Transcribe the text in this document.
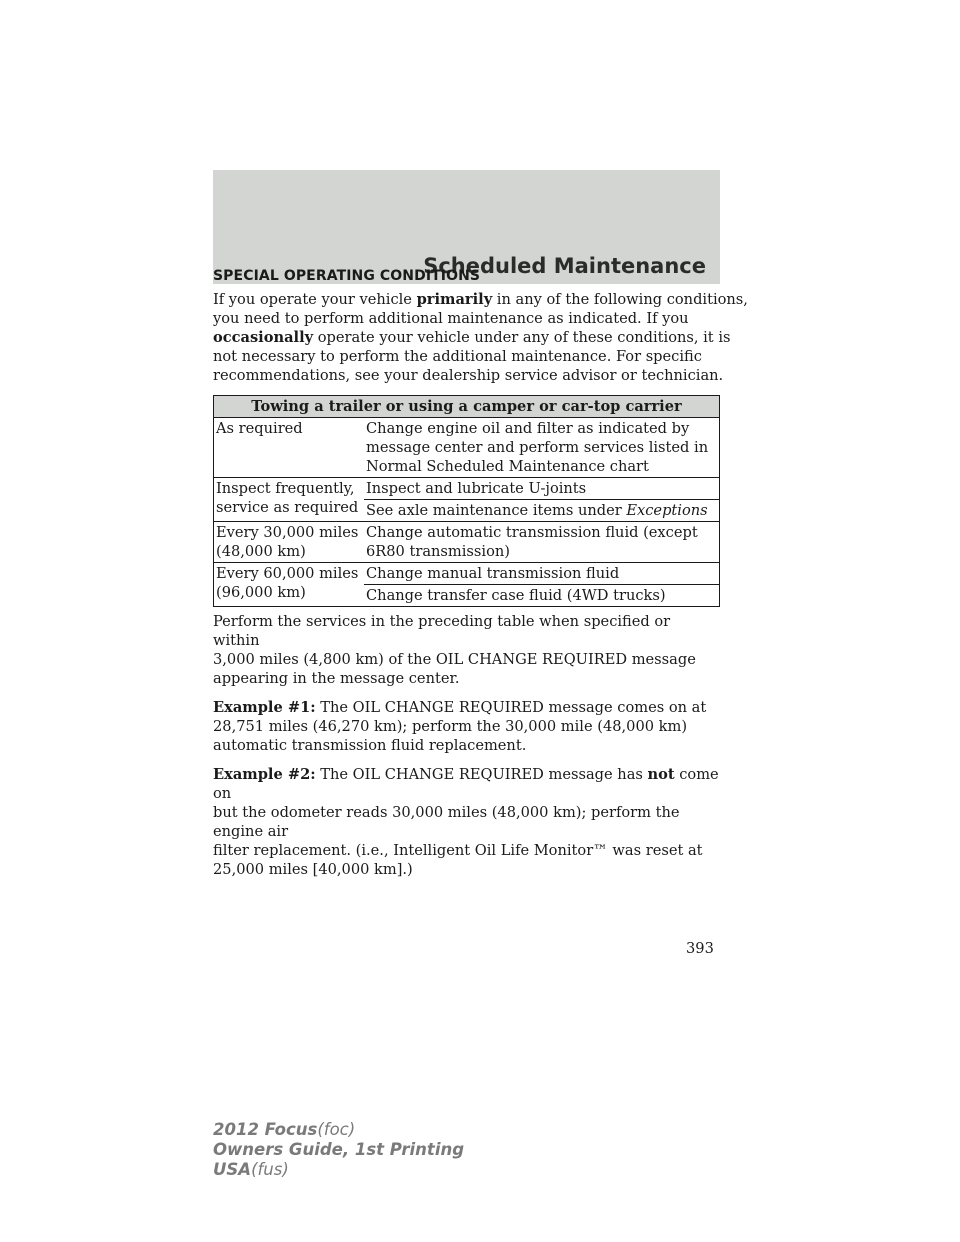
Scheduled Maintenance
SPECIAL OPERATING CONDITIONS
If you operate your vehicle primarily in any of the following conditions,
you need to perform additional maintenance as indicated. If you
occasionally operate your vehicle under any of these conditions, it is
not necessary to perform the additional maintenance. For specific
recommendations, see your dealership service advisor or technician.
Towing a trailer or using a camper or car-top carrier	
As required	Change engine oil and filter as indicated by
message center and perform services listed in
Normal Scheduled Maintenance chart

Inspect frequently,
service as required	Inspect and lubricate U-joints
	See axle maintenance items under Exceptions

Every 30,000 miles
(48,000 km)	Change automatic transmission fluid (except
6R80 transmission)

Every 60,000 miles
(96,000 km)	Change manual transmission fluid
	Change transfer case fluid (4WD trucks)
Perform the services in the preceding table when specified or within
3,000 miles (4,800 km) of the OIL CHANGE REQUIRED message
appearing in the message center.
Example #1: The OIL CHANGE REQUIRED message comes on at
28,751 miles (46,270 km); perform the 30,000 mile (48,000 km)
automatic transmission fluid replacement.
Example #2: The OIL CHANGE REQUIRED message has not come on
but the odometer reads 30,000 miles (48,000 km); perform the engine air
filter replacement. (i.e., Intelligent Oil Life Monitor™ was reset at
25,000 miles [40,000 km].)
393
2012 Focus(foc)
Owners Guide, 1st Printing
USA(fus)
